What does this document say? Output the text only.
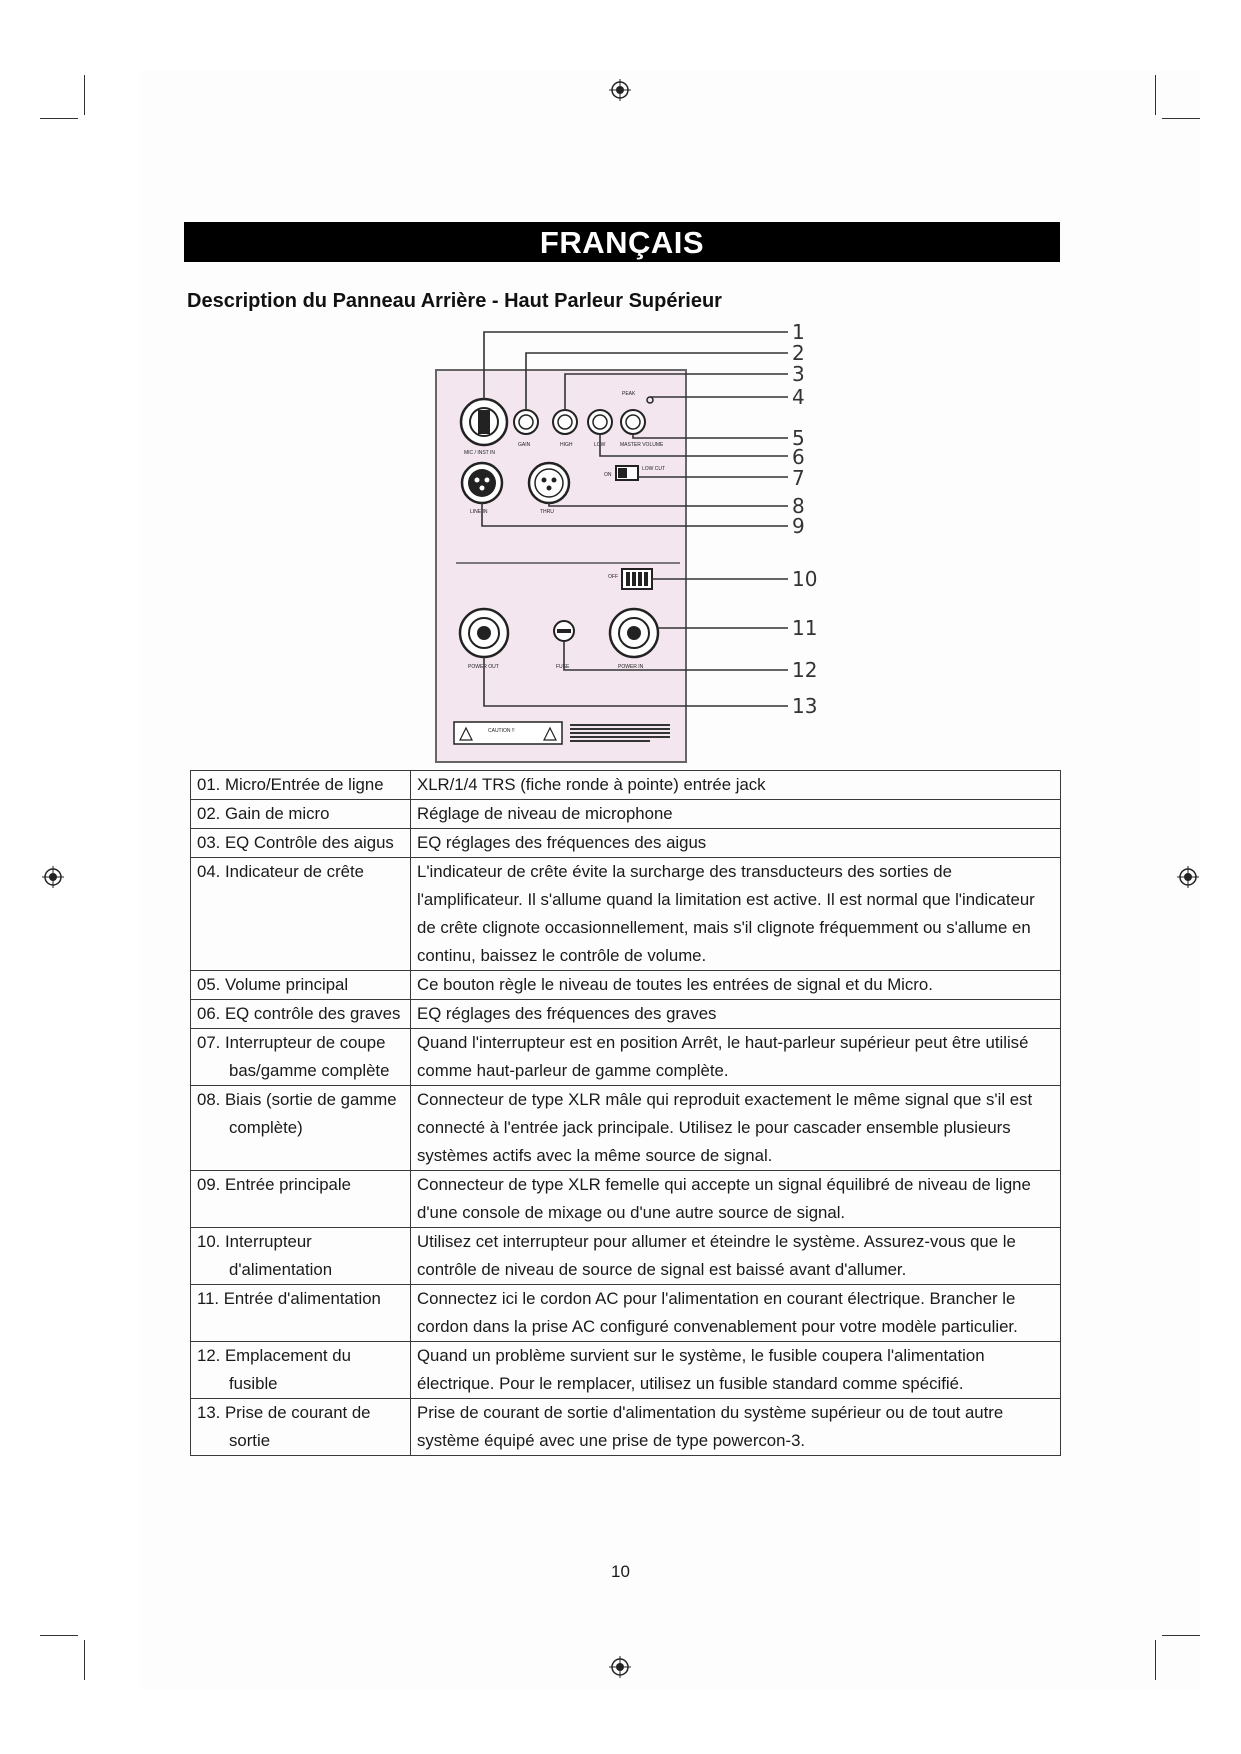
FRANÇAIS
Description du Panneau Arrière - Haut Parleur Supérieur
MIC / INST IN
PEAK
GAIN	HIGH	LOW	MASTER VOLUME
ON
LOW CUT
LINE IN	THRU
OFF
POWER OUT	FUSE	POWER IN
CAUTION !!
1
2
3
4
5
6
7
8
9
10
11
12
13
01. Micro/Entrée de ligne	XLR/1/4 TRS (fiche ronde à pointe) entrée jack

02. Gain de micro	Réglage de niveau de microphone

03. EQ Contrôle des aigus	EQ réglages des fréquences des aigus

04. Indicateur de crête	L'indicateur de crête évite la surcharge des transducteurs des sorties de l'amplificateur. Il s'allume quand la limitation est active. Il est normal que l'indicateur de crête clignote occasionnellement, mais s'il clignote fréquemment ou s'allume en continu, baissez le contrôle de volume.

05. Volume principal	Ce bouton règle le niveau de toutes les entrées de signal et du Micro.

06. EQ contrôle des graves	EQ réglages des fréquences des graves

07. Interrupteur de coupe bas/gamme complète	Quand l'interrupteur est en position Arrêt, le haut-parleur supérieur peut être utilisé comme haut-parleur de gamme complète.

08. Biais (sortie de gamme complète)	Connecteur de type XLR mâle qui reproduit exactement le même signal que s'il est connecté à l'entrée jack principale. Utilisez le pour cascader ensemble plusieurs systèmes actifs avec la même source de signal.

09. Entrée principale	Connecteur de type XLR femelle qui accepte un signal équilibré de niveau de ligne d'une console de mixage ou d'une autre source de signal.

10. Interrupteur d'alimentation	Utilisez cet interrupteur pour allumer et éteindre le système. Assurez-vous que le contrôle de niveau de source de signal est baissé avant d'allumer.

11. Entrée d'alimentation	Connectez ici le cordon AC pour l'alimentation en courant électrique. Brancher le cordon dans la prise AC configuré convenablement pour votre modèle particulier.

12. Emplacement du fusible	Quand un problème survient sur le système, le fusible coupera l'alimentation électrique. Pour le remplacer, utilisez un fusible standard comme spécifié.

13. Prise de courant de sortie	Prise de courant de sortie d'alimentation du système supérieur ou de tout autre système équipé avec une prise de type powercon-3.
10
